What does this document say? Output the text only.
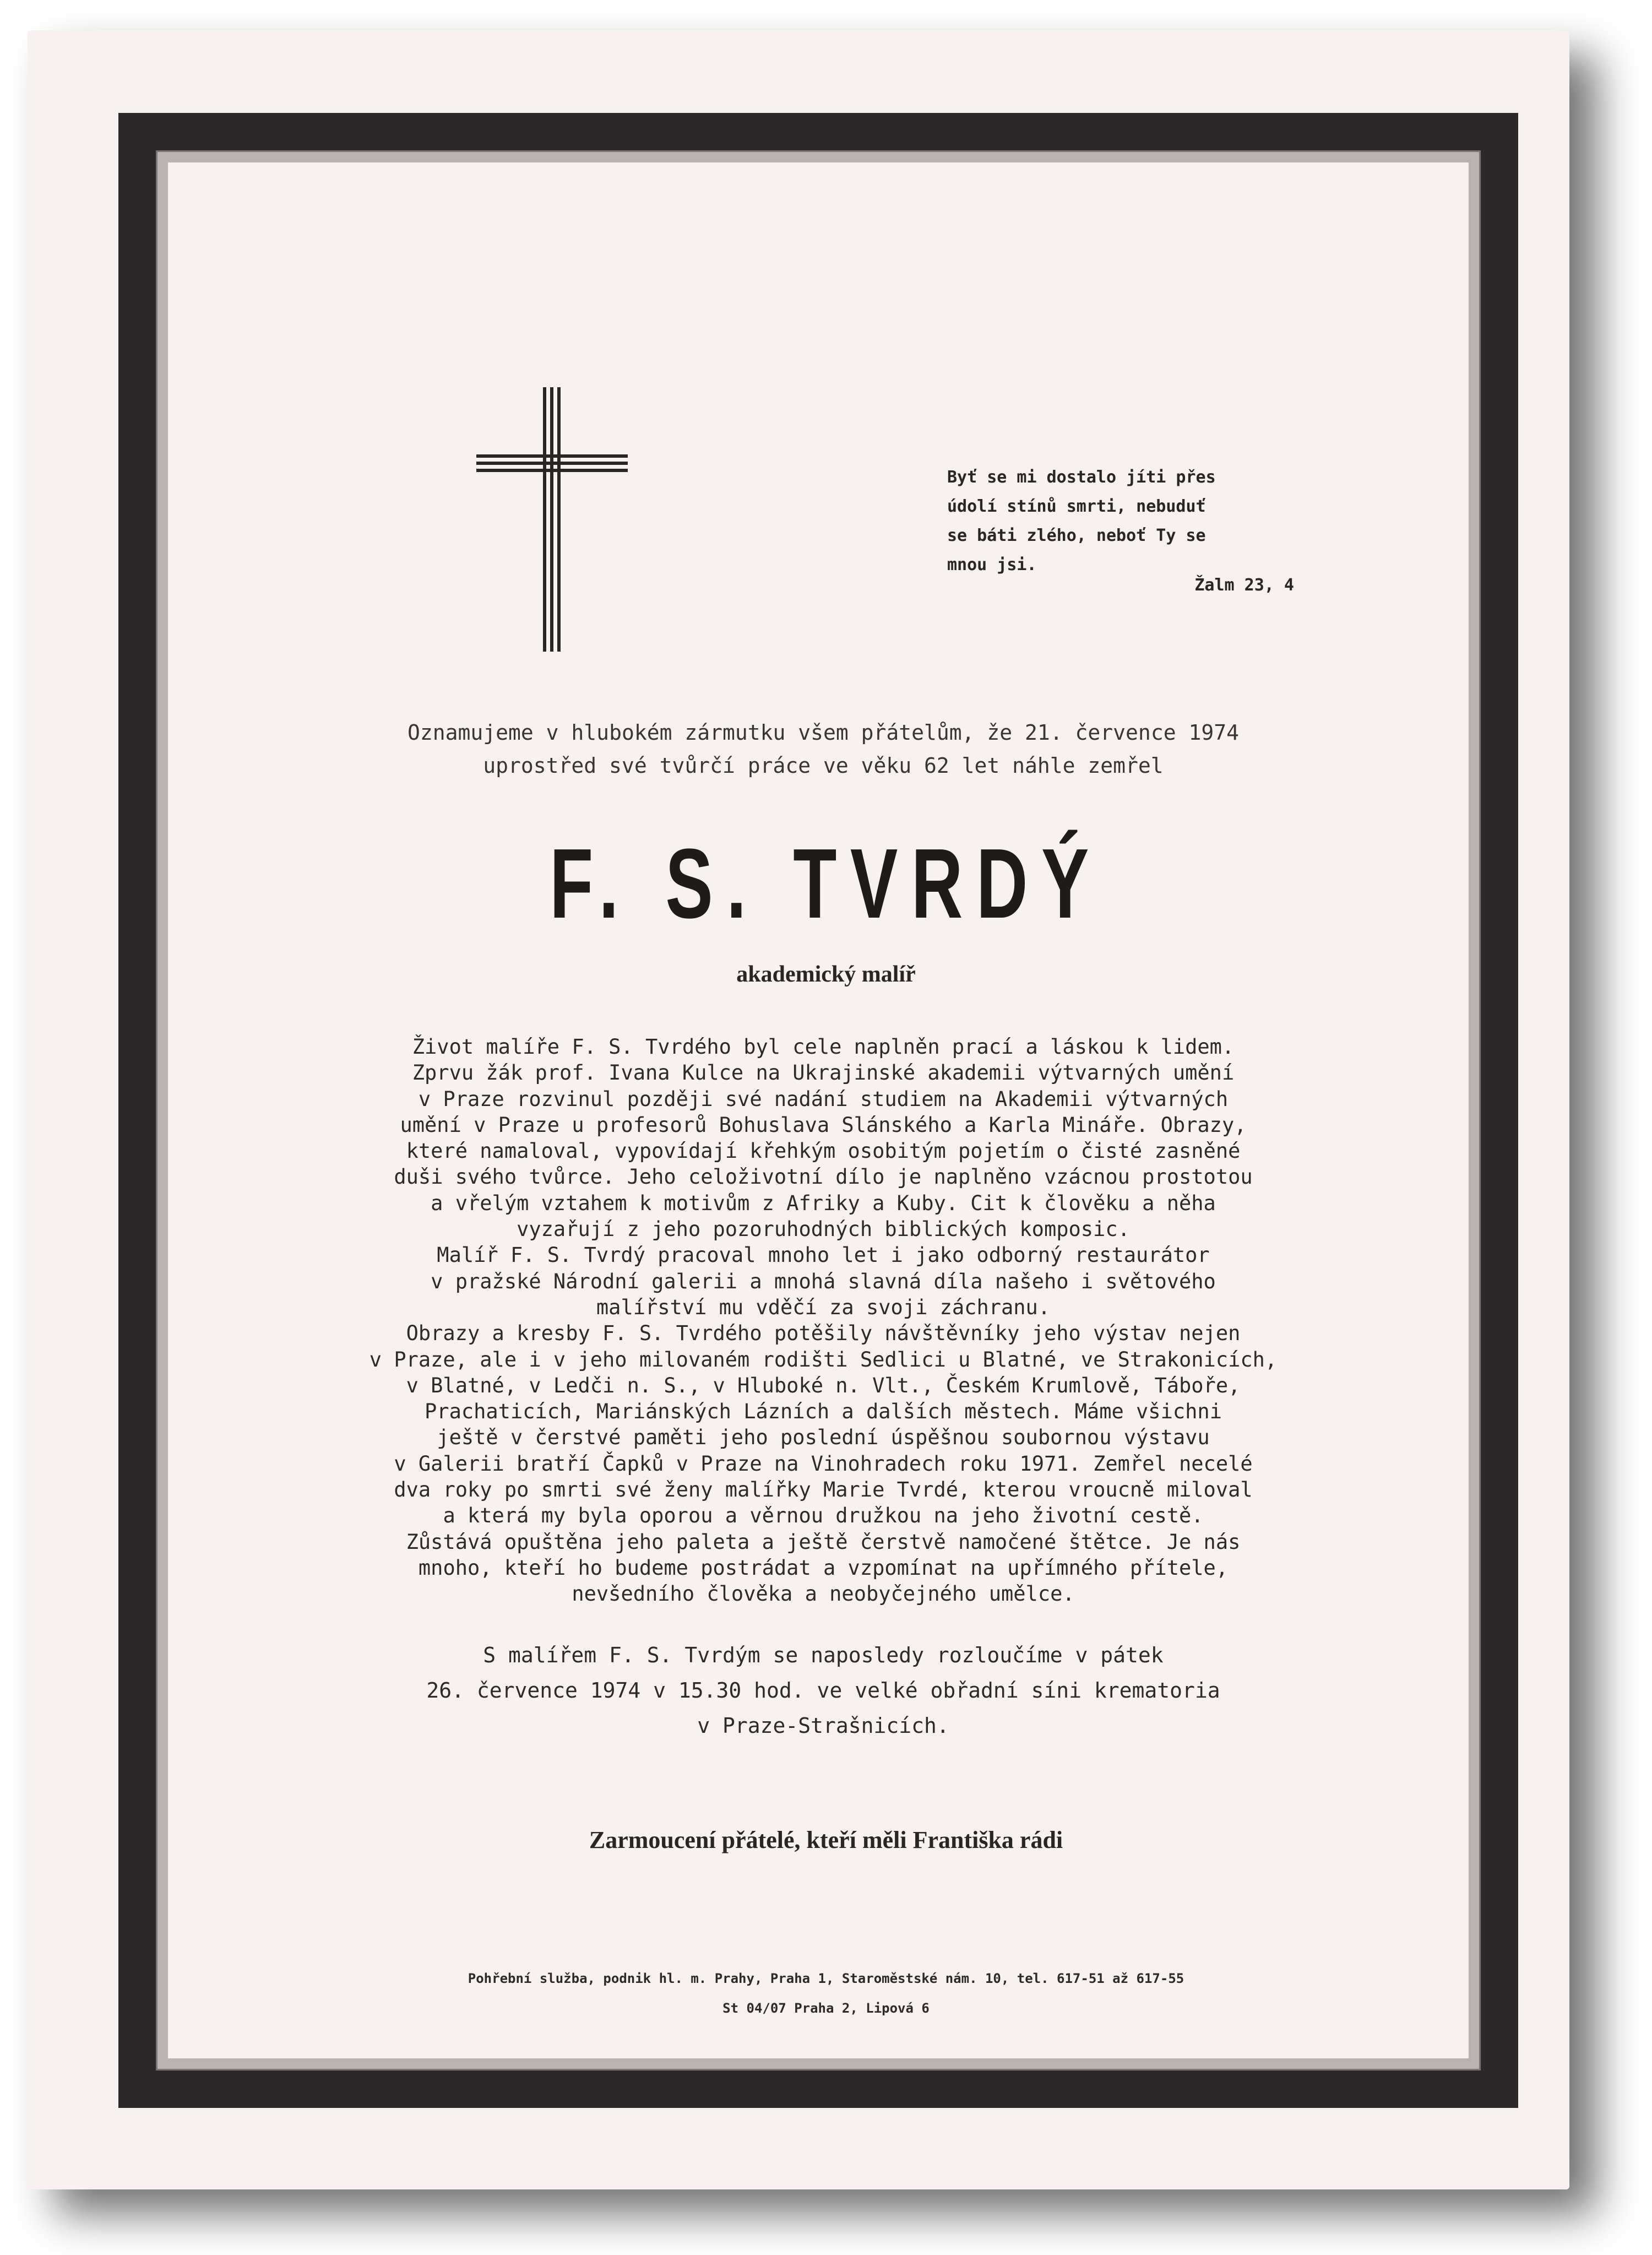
Byť se mi dostalo jíti přes
údolí stínů smrti, nebuduť
se báti zlého, neboť Ty se
mnou jsi.
Žalm 23, 4
Oznamujeme v hlubokém zármutku všem přátelům, že 21. července 1974
uprostřed své tvůrčí práce ve věku 62 let náhle zemřel
F. S. TVRDÝ
akademický malíř

Život malíře F. S. Tvrdého byl cele naplněn prací a láskou k lidem.
Zprvu žák prof. Ivana Kulce na Ukrajinské akademii výtvarných umění
v Praze rozvinul později své nadání studiem na Akademii výtvarných
umění v Praze u profesorů Bohuslava Slánského a Karla Mináře. Obrazy,
které namaloval, vypovídají křehkým osobitým pojetím o čisté zasněné
duši svého tvůrce. Jeho celoživotní dílo je naplněno vzácnou prostotou
a vřelým vztahem k motivům z Afriky a Kuby. Cit k člověku a něha
vyzařují z jeho pozoruhodných biblických komposic.

Malíř F. S. Tvrdý pracoval mnoho let i jako odborný restaurátor
v pražské Národní galerii a mnohá slavná díla našeho i světového
malířství mu vděčí za svoji záchranu.

Obrazy a kresby F. S. Tvrdého potěšily návštěvníky jeho výstav nejen
v Praze, ale i v jeho milovaném rodišti Sedlici u Blatné, ve Strakonicích,
v Blatné, v Ledči n. S., v Hluboké n. Vlt., Českém Krumlově, Táboře,
Prachaticích, Mariánských Lázních a dalších městech. Máme všichni
ještě v čerstvé paměti jeho poslední úspěšnou soubornou výstavu
v Galerii bratří Čapků v Praze na Vinohradech roku 1971. Zemřel necelé
dva roky po smrti své ženy malířky Marie Tvrdé, kterou vroucně miloval
a která my byla oporou a věrnou družkou na jeho životní cestě.
Zůstává opuštěna jeho paleta a ještě čerstvě namočené štětce. Je nás
mnoho, kteří ho budeme postrádat a vzpomínat na upřímného přítele,
nevšedního člověka a neobyčejného umělce.

S malířem F. S. Tvrdým se naposledy rozloučíme v pátek
26. července 1974 v 15.30 hod. ve velké obřadní síni krematoria
v Praze-Strašnicích.
Zarmoucení přátelé, kteří měli Františka rádi
Pohřební služba, podnik hl. m. Prahy, Praha 1, Staroměstské nám. 10, tel. 617-51 až 617-55
St 04/07 Praha 2, Lipová 6
